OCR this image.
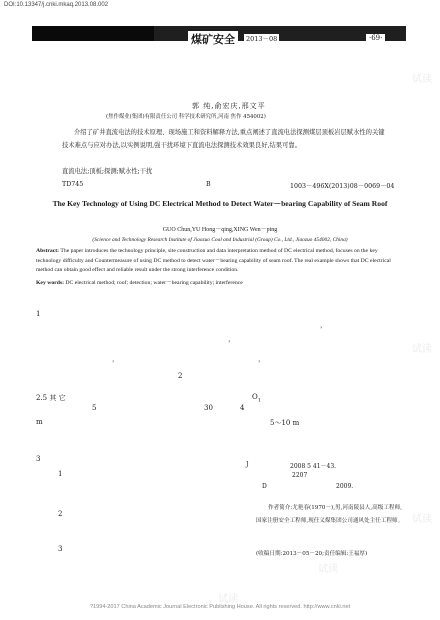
DOI:10.13347/j.cnki.mkaq.2013.08.002
煤矿安全	2013－08	·69·
郭 纯,俞宏庆,邢文平
(焦作煤业(集团)有限责任公司 科学技术研究所,河南 焦作 454002)
介绍了矿井直流电法的技术原理、现场施工和资料解释方法,重点阐述了直流电法探测煤层顶板岩层赋水性的关键技术难点与应对办法,以实例说明,强干扰环境下直流电法探测技术效果良好,结果可靠。
直流电法;顶板;探测;赋水性;干扰
TD745	B	1003－496X(2013)08－0069－04
The Key Technology of Using DC Electrical Method to Detect Water－bearing Capability of Seam Roof
GUO Chun,YU Hong－qing,XING Wen－ping
(Science and Technology Research Institute of Jiaozuo Coal and Industrial (Group) Co., Ltd., Jiaozuo 454002, China)
Abstract: The paper introduces the technology principle, site construction and data interpretation method of DC electrical method, focuses on the key technology difficulty and Countermeasure of using DC method to detect water－bearing capability of seam roof. The real example shows that DC electrical method can obtain good effect and reliable result under the strong interference condition.
Key words: DC electrical method; roof; detection; water－bearing capability; interference
1
，
，
，	，
2
2.5 其 它
5	30	4
m
$O_1$
5～10 m
3
1
2
3
J	2008 5 41－43.
2207
D	2009.
作者简介:尤艳春(1970－),男,河南陵县人,高级工程师,国家注册安全工程师,现任义煤集团公司通风处主任工程师。
(收稿日期:2013－05－20;责任编辑:王福厚)
?1994-2017 China Academic Journal Electronic Publishing House. All rights reserved. http://www.cnki.net
试读
试读
试读
试读
试读
